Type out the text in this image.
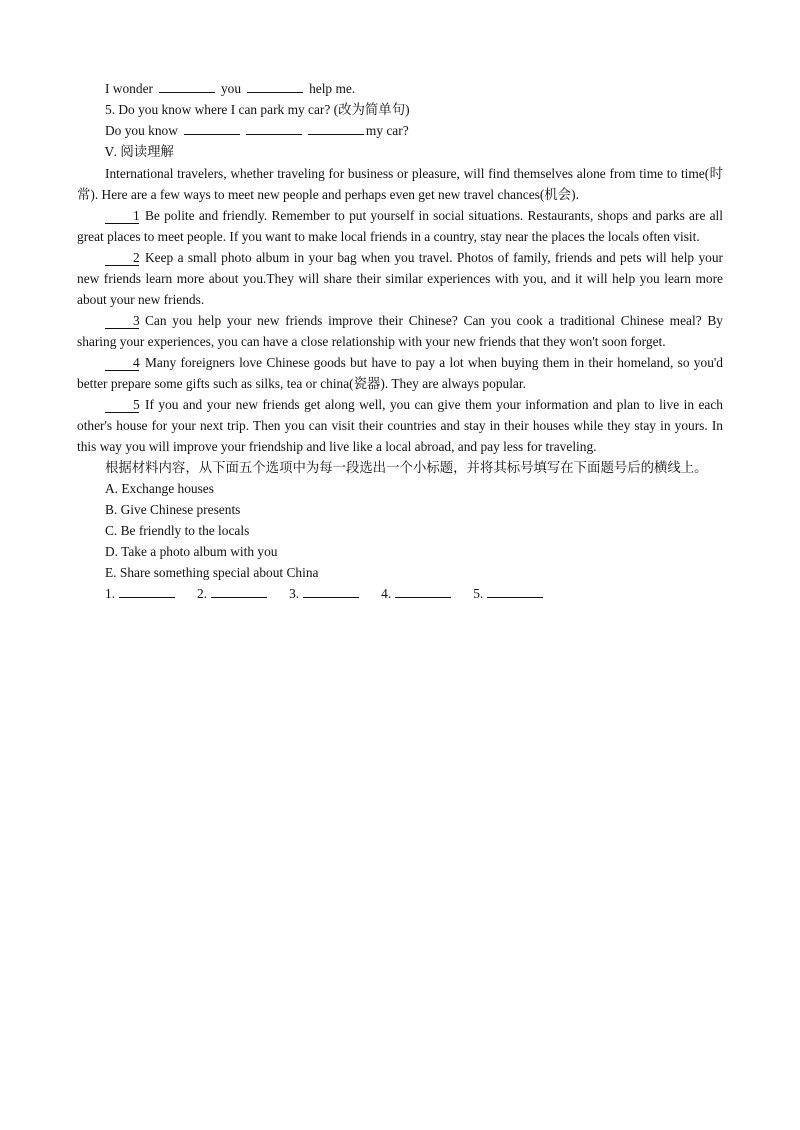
I wonder	you	help me.
5. Do you know where I can park my car? (改为简单句)
Do you know	my car?
Ⅴ. 阅读理解
International travelers, whether traveling for business or pleasure, will find themselves alone from time to time(时常). Here are a few ways to meet new people and perhaps even get new travel chances(机会).
1 Be polite and friendly. Remember to put yourself in social situations. Restaurants, shops and parks are all great places to meet people. If you want to make local friends in a country, stay near the places the locals often visit.
2 Keep a small photo album in your bag when you travel. Photos of family, friends and pets will help your new friends learn more about you.They will share their similar experiences with you, and it will help you learn more about your new friends.
3 Can you help your new friends improve their Chinese? Can you cook a traditional Chinese meal? By sharing your experiences, you can have a close relationship with your new friends that they won't soon forget.
4 Many foreigners love Chinese goods but have to pay a lot when buying them in their homeland, so you'd better prepare some gifts such as silks, tea or china(瓷器). They are always popular.
5 If you and your new friends get along well, you can give them your information and plan to live in each other's house for your next trip. Then you can visit their countries and stay in their houses while they stay in yours. In this way you will improve your friendship and live like a local abroad, and pay less for traveling.
根据材料内容，从下面五个选项中为每一段选出一个小标题，并将其标号填写在下面题号后的横线上。
A. Exchange houses
B. Give Chinese presents
C. Be friendly to the locals
D. Take a photo album with you
E. Share something special about China
1.	2.	3.	4.	5.
